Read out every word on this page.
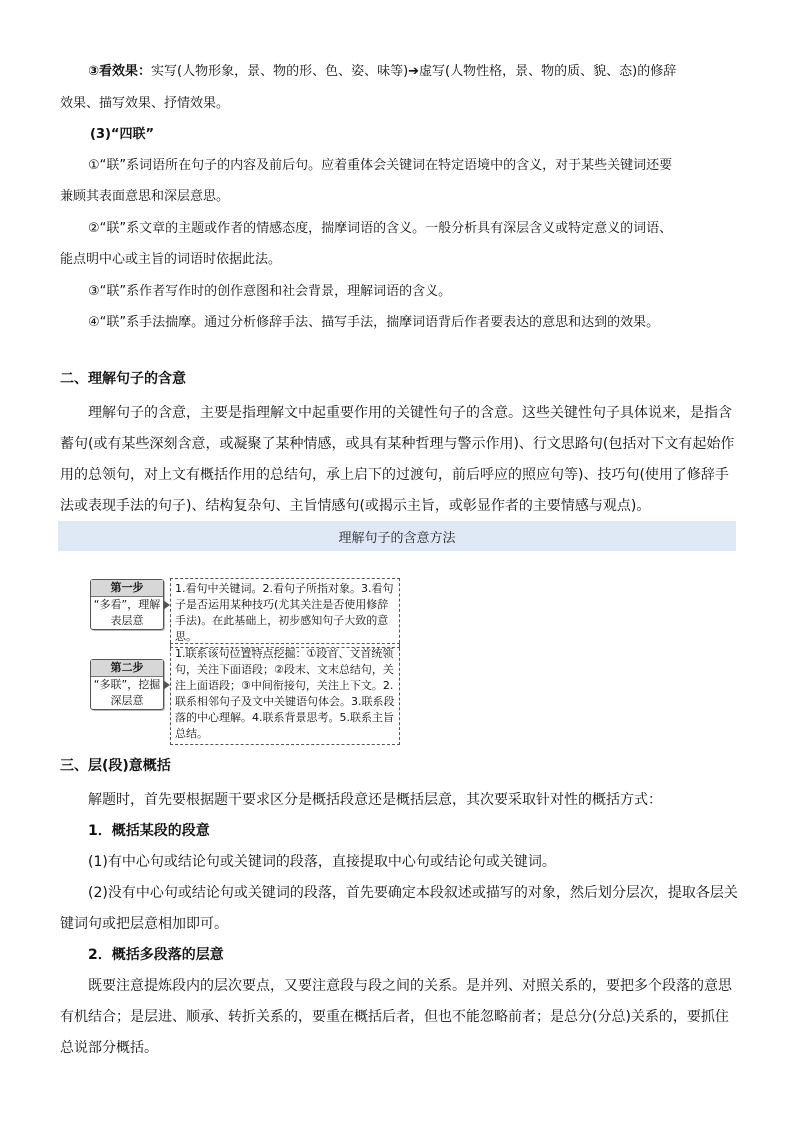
③看效果：实写(人物形象，景、物的形、色、姿、味等)➔虚写(人物性格，景、物的质、貌、态)的修辞
效果、描写效果、抒情效果。
(3)“四联”
①“联”系词语所在句子的内容及前后句。应着重体会关键词在特定语境中的含义，对于某些关键词还要
兼顾其表面意思和深层意思。
②“联”系文章的主题或作者的情感态度，揣摩词语的含义。一般分析具有深层含义或特定意义的词语、
能点明中心或主旨的词语时依据此法。
③“联”系作者写作时的创作意图和社会背景，理解词语的含义。
④“联”系手法揣摩。通过分析修辞手法、描写手法，揣摩词语背后作者要表达的意思和达到的效果。
二、理解句子的含意
理解句子的含意，主要是指理解文中起重要作用的关键性句子的含意。这些关键性句子具体说来，是指含
蓄句(或有某些深刻含意，或凝聚了某种情感，或具有某种哲理与警示作用)、行文思路句(包括对下文有起始作
用的总领句，对上文有概括作用的总结句，承上启下的过渡句，前后呼应的照应句等)、技巧句(使用了修辞手
法或表现手法的句子)、结构复杂句、主旨情感句(或揭示主旨，或彰显作者的主要情感与观点)。
理解句子的含意方法
第一步
“多看”，理解
表层意
1.看句中关键词。2.看句子所指对象。3.看句子是否运用某种技巧(尤其关注是否使用修辞手法)。在此基础上，初步感知句子大致的意思。
第二步
“多联”，挖掘
深层意
1.联系该句位置特点挖掘：①段首、文首统领句，关注下面语段；②段末、文末总结句，关注上面语段；③中间衔接句，关注上下文。2.联系相邻句子及文中关键语句体会。3.联系段落的中心理解。4.联系背景思考。5.联系主旨总结。
三、层(段)意概括
解题时，首先要根据题干要求区分是概括段意还是概括层意，其次要采取针对性的概括方式：
1．概括某段的段意
(1)有中心句或结论句或关键词的段落，直接提取中心句或结论句或关键词。
(2)没有中心句或结论句或关键词的段落，首先要确定本段叙述或描写的对象，然后划分层次，提取各层关
键词句或把层意相加即可。
2．概括多段落的层意
既要注意提炼段内的层次要点，又要注意段与段之间的关系。是并列、对照关系的，要把多个段落的意思
有机结合；是层进、顺承、转折关系的，要重在概括后者，但也不能忽略前者；是总分(分总)关系的，要抓住
总说部分概括。
